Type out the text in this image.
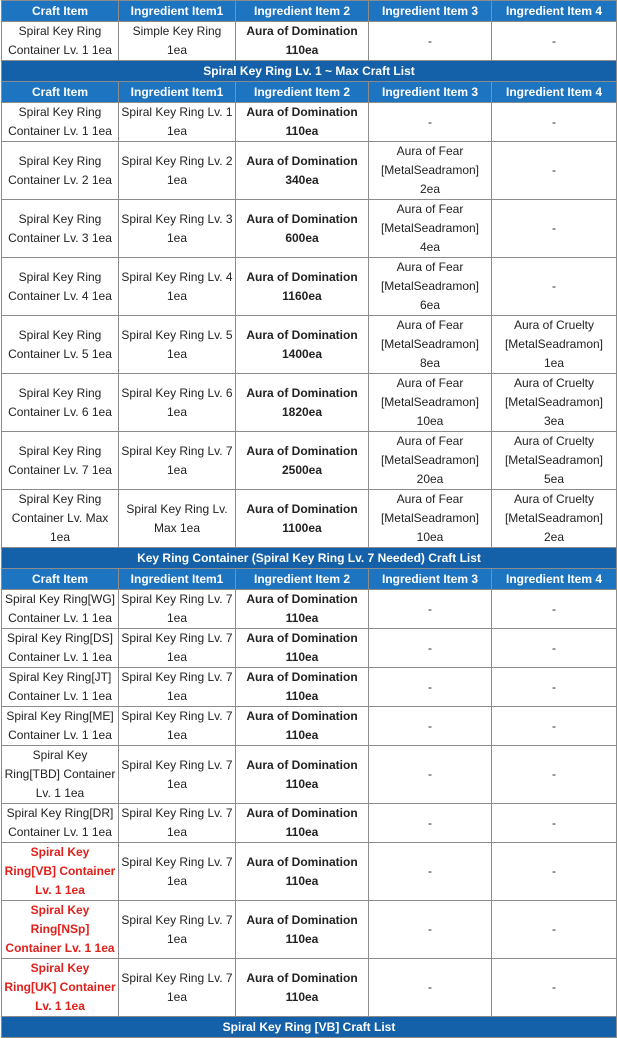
Craft Item	Ingredient Item1	Ingredient Item 2	Ingredient Item 3	Ingredient Item 4
Spiral Key Ring Container Lv. 1 1ea	Simple Key Ring 1ea	Aura of Domination 110ea	-	-
Spiral Key Ring Lv. 1 ~ Max Craft List				
Craft Item	Ingredient Item1	Ingredient Item 2	Ingredient Item 3	Ingredient Item 4
Spiral Key Ring Container Lv. 1 1ea	Spiral Key Ring Lv. 1 1ea	Aura of Domination 110ea	-	-
Spiral Key Ring Container Lv. 2 1ea	Spiral Key Ring Lv. 2 1ea	Aura of Domination 340ea	Aura of Fear [MetalSeadramon] 2ea	-
Spiral Key Ring Container Lv. 3 1ea	Spiral Key Ring Lv. 3 1ea	Aura of Domination 600ea	Aura of Fear [MetalSeadramon] 4ea	-
Spiral Key Ring Container Lv. 4 1ea	Spiral Key Ring Lv. 4 1ea	Aura of Domination 1160ea	Aura of Fear [MetalSeadramon] 6ea	-
Spiral Key Ring Container Lv. 5 1ea	Spiral Key Ring Lv. 5 1ea	Aura of Domination 1400ea	Aura of Fear [MetalSeadramon] 8ea	Aura of Cruelty [MetalSeadramon] 1ea
Spiral Key Ring Container Lv. 6 1ea	Spiral Key Ring Lv. 6 1ea	Aura of Domination 1820ea	Aura of Fear [MetalSeadramon] 10ea	Aura of Cruelty [MetalSeadramon] 3ea
Spiral Key Ring Container Lv. 7 1ea	Spiral Key Ring Lv. 7 1ea	Aura of Domination 2500ea	Aura of Fear [MetalSeadramon] 20ea	Aura of Cruelty [MetalSeadramon] 5ea
Spiral Key Ring Container Lv. Max 1ea	Spiral Key Ring Lv. Max 1ea	Aura of Domination 1100ea	Aura of Fear [MetalSeadramon] 10ea	Aura of Cruelty [MetalSeadramon] 2ea
Key Ring Container (Spiral Key Ring Lv. 7 Needed) Craft List				
Craft Item	Ingredient Item1	Ingredient Item 2	Ingredient Item 3	Ingredient Item 4
Spiral Key Ring[WG] Container Lv. 1 1ea	Spiral Key Ring Lv. 7 1ea	Aura of Domination 110ea	-	-
Spiral Key Ring[DS] Container Lv. 1 1ea	Spiral Key Ring Lv. 7 1ea	Aura of Domination 110ea	-	-
Spiral Key Ring[JT] Container Lv. 1 1ea	Spiral Key Ring Lv. 7 1ea	Aura of Domination 110ea	-	-
Spiral Key Ring[ME] Container Lv. 1 1ea	Spiral Key Ring Lv. 7 1ea	Aura of Domination 110ea	-	-
Spiral Key Ring[TBD] Container Lv. 1 1ea	Spiral Key Ring Lv. 7 1ea	Aura of Domination 110ea	-	-
Spiral Key Ring[DR] Container Lv. 1 1ea	Spiral Key Ring Lv. 7 1ea	Aura of Domination 110ea	-	-
Spiral Key Ring[VB] Container Lv. 1 1ea	Spiral Key Ring Lv. 7 1ea	Aura of Domination 110ea	-	-
Spiral Key Ring[NSp] Container Lv. 1 1ea	Spiral Key Ring Lv. 7 1ea	Aura of Domination 110ea	-	-
Spiral Key Ring[UK] Container Lv. 1 1ea	Spiral Key Ring Lv. 7 1ea	Aura of Domination 110ea	-	-
Spiral Key Ring [VB] Craft List				
